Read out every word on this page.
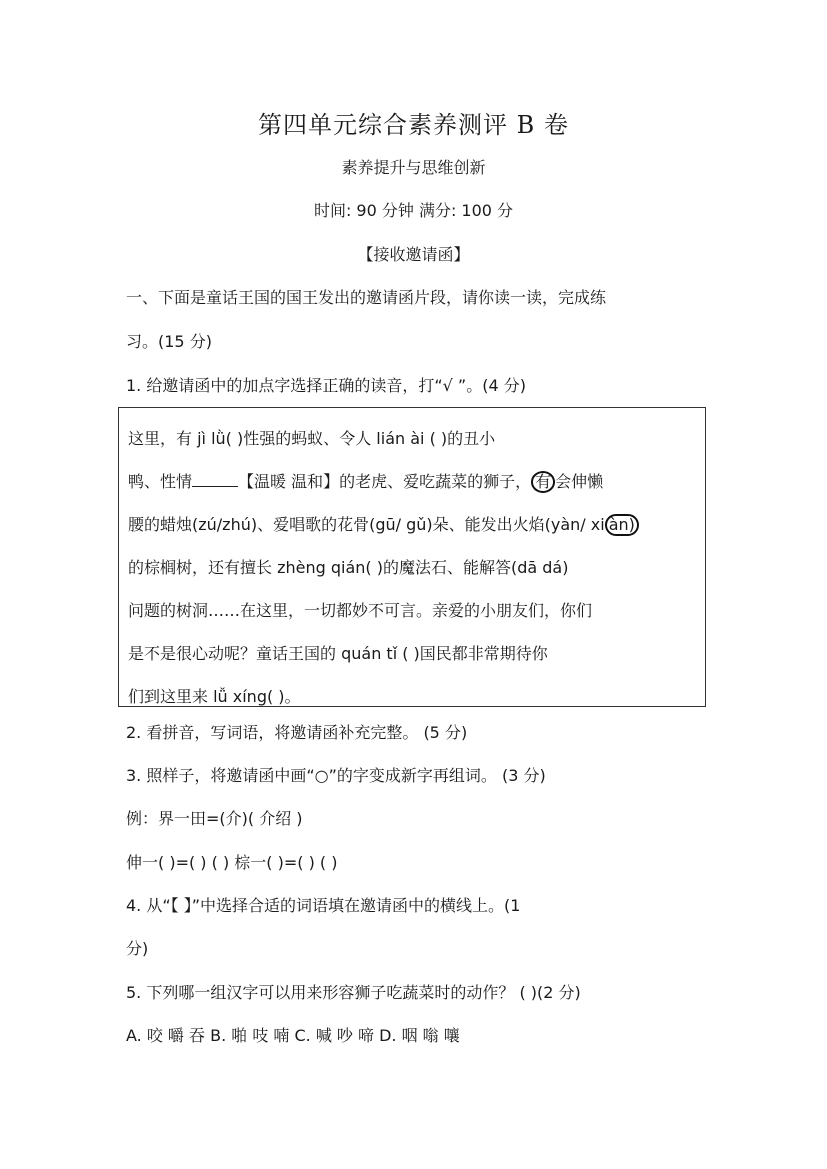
第四单元综合素养测评 B 卷
素养提升与思维创新
时间: 90 分钟 满分: 100 分
【接收邀请函】
一、下面是童话王国的国王发出的邀请函片段，请你读一读，完成练
习。(15 分)
1. 给邀请函中的加点字选择正确的读音，打“√ ”。(4 分)
这里，有 jì lǜ( )性强的蚂蚁、令人 lián ài ( )的丑小
鸭、性情	【温暖 温和】的老虎、爱吃蔬菜的狮子， 有 会伸懒
腰的蜡烛(zú/zhú)、爱唱歌的花骨(gū/ gǔ)朵、能发出火焰(yàn/ xi àn)
的棕榈树，还有擅长 zhèng qián( )的魔法石、能解答(dā dá)
问题的树洞……在这里，一切都妙不可言。亲爱的小朋友们，你们
是不是很心动呢？童话王国的 quán tǐ ( )国民都非常期待你
们到这里来 lǚ xíng( )。
2. 看拼音，写词语，将邀请函补充完整。 (5 分)
3. 照样子，将邀请函中画“○”的字变成新字再组词。 (3 分)
例：界一田=(介)( 介绍 )
伸一( )=( ) ( ) 棕一( )=( ) ( )
4. 从“【 】”中选择合适的词语填在邀请函中的横线上。(1
分)
5. 下列哪一组汉字可以用来形容狮子吃蔬菜时的动作？ ( )(2 分)
A. 咬 嚼 吞 B. 啪 吱 喃 C. 喊 吵 啼 D. 咽 嗡 嚷
